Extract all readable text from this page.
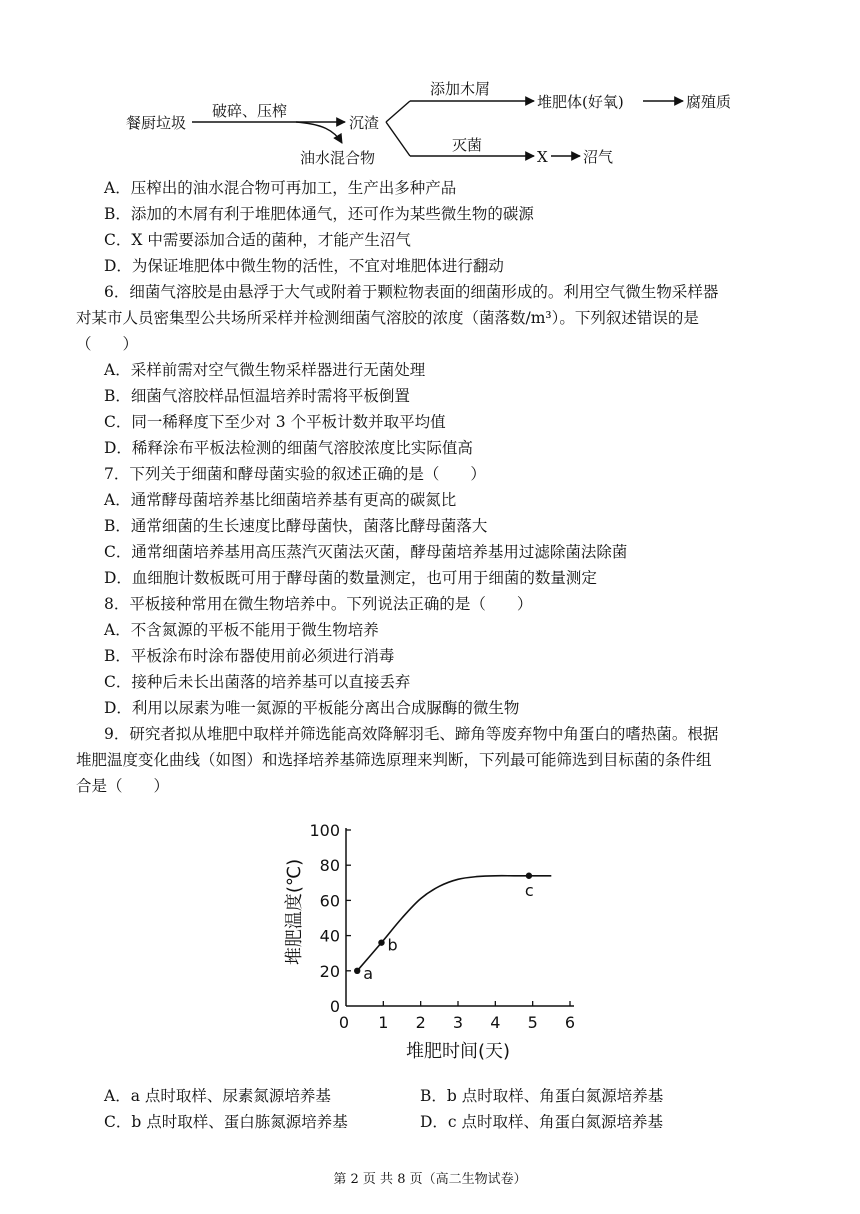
餐厨垃圾
破碎、压榨
油水混合物
沉渣
添加木屑
堆肥体(好氧)	腐殖质
灭菌
X 沼气
A．压榨出的油水混合物可再加工，生产出多种产品
B．添加的木屑有利于堆肥体通气，还可作为某些微生物的碳源
C．X 中需要添加合适的菌种，才能产生沼气
D．为保证堆肥体中微生物的活性，不宜对堆肥体进行翻动
6．细菌气溶胶是由悬浮于大气或附着于颗粒物表面的细菌形成的。利用空气微生物采样器
对某市人员密集型公共场所采样并检测细菌气溶胶的浓度（菌落数/m³）。下列叙述错误的是
（　　）
A．采样前需对空气微生物采样器进行无菌处理
B．细菌气溶胶样品恒温培养时需将平板倒置
C．同一稀释度下至少对 3 个平板计数并取平均值
D．稀释涂布平板法检测的细菌气溶胶浓度比实际值高
7．下列关于细菌和酵母菌实验的叙述正确的是（　　）
A．通常酵母菌培养基比细菌培养基有更高的碳氮比
B．通常细菌的生长速度比酵母菌快，菌落比酵母菌落大
C．通常细菌培养基用高压蒸汽灭菌法灭菌，酵母菌培养基用过滤除菌法除菌
D．血细胞计数板既可用于酵母菌的数量测定，也可用于细菌的数量测定
8．平板接种常用在微生物培养中。下列说法正确的是（　　）
A．不含氮源的平板不能用于微生物培养
B．平板涂布时涂布器使用前必须进行消毒
C．接种后未长出菌落的培养基可以直接丢弃
D．利用以尿素为唯一氮源的平板能分离出合成脲酶的微生物
9．研究者拟从堆肥中取样并筛选能高效降解羽毛、蹄角等废弃物中角蛋白的嗜热菌。根据
堆肥温度变化曲线（如图）和选择培养基筛选原理来判断，下列最可能筛选到目标菌的条件组
合是（　　）
堆肥温度(℃)
堆肥时间(天)
0 1 2 3 4 5 6
0
20
40
60
80
100
a
b
c
A．a 点时取样、尿素氮源培养基	B．b 点时取样、角蛋白氮源培养基
C．b 点时取样、蛋白胨氮源培养基	D．c 点时取样、角蛋白氮源培养基
第 2 页 共 8 页（高二生物试卷）
